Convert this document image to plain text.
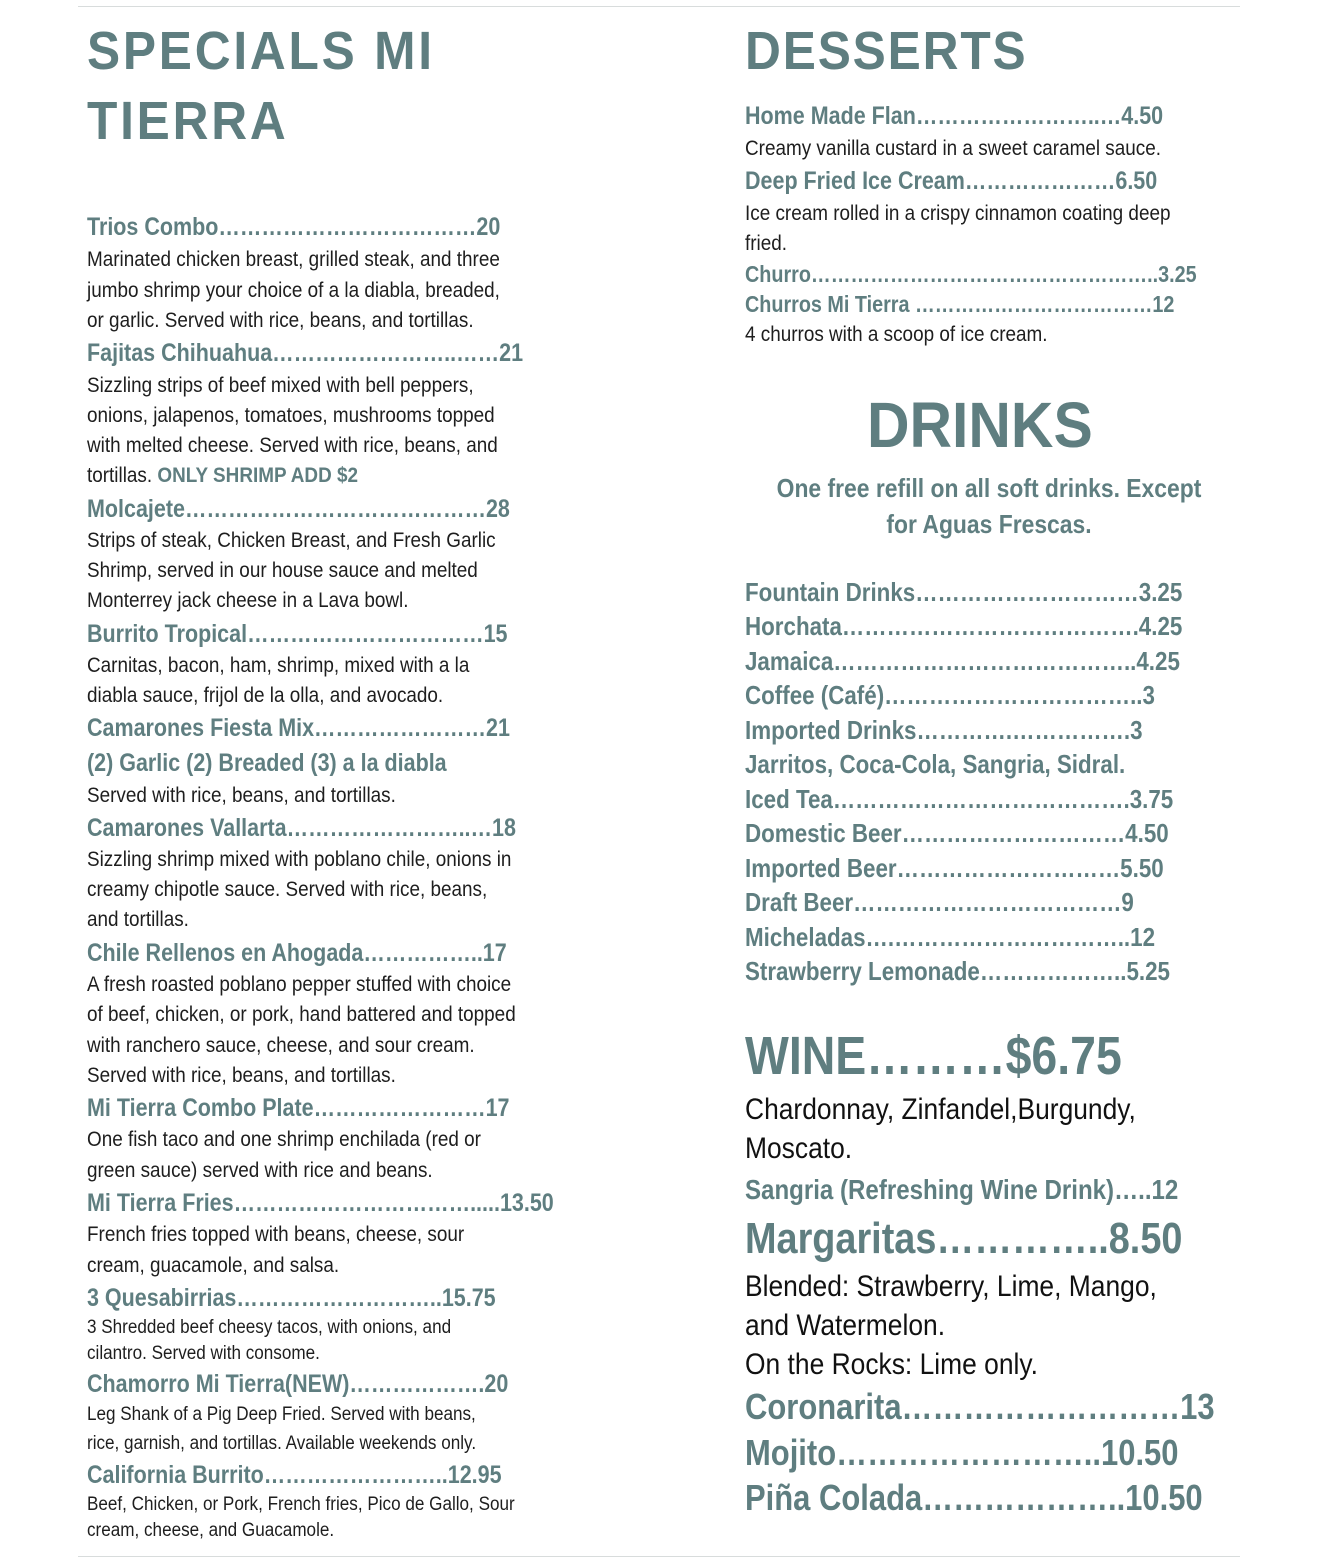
SPECIALS MI
TIERRA
Trios Combo………………………………20
Marinated chicken breast, grilled steak, and three
jumbo shrimp your choice of a la diabla, breaded,
or garlic. Served with rice, beans, and tortillas.
Fajitas Chihuahua……………………..……21
Sizzling strips of beef mixed with bell peppers,
onions, jalapenos, tomatoes, mushrooms topped
with melted cheese. Served with rice, beans, and
tortillas. ONLY SHRIMP ADD $2
Molcajete……………………………………28
Strips of steak, Chicken Breast, and Fresh Garlic
Shrimp, served in our house sauce and melted
Monterrey jack cheese in a Lava bowl.
Burrito Tropical……………………………15
Carnitas, bacon, ham, shrimp, mixed with a la
diabla sauce, frijol de la olla, and avocado.
Camarones Fiesta Mix……………………21
(2) Garlic (2) Breaded (3) a la diabla
Served with rice, beans, and tortillas.
Camarones Vallarta……………………..…18
Sizzling shrimp mixed with poblano chile, onions in
creamy chipotle sauce. Served with rice, beans,
and tortillas.
Chile Rellenos en Ahogada……………..17
A fresh roasted poblano pepper stuffed with choice
of beef, chicken, or pork, hand battered and topped
with ranchero sauce, cheese, and sour cream.
Served with rice, beans, and tortillas.
Mi Tierra Combo Plate……………………17
One fish taco and one shrimp enchilada (red or
green sauce) served with rice and beans.
Mi Tierra Fries…………………………….....13.50
French fries topped with beans, cheese, sour
cream, guacamole, and salsa.
3 Quesabirrias………………………..15.75
3 Shredded beef cheesy tacos, with onions, and
cilantro. Served with consome.
Chamorro Mi Tierra(NEW)……………….20
Leg Shank of a Pig Deep Fried. Served with beans,
rice, garnish, and tortillas. Available weekends only.
California Burrito……………………..12.95
Beef, Chicken, or Pork, French fries, Pico de Gallo, Sour
cream, cheese, and Guacamole.
DESSERTS
Home Made Flan……………………..…4.50
Creamy vanilla custard in a sweet caramel sauce.
Deep Fried Ice Cream…………………6.50
Ice cream rolled in a crispy cinnamon coating deep
fried.
Churro……………………………………………..3.25
Churros Mi Tierra ………………………………12
4 churros with a scoop of ice cream.
DRINKS
One free refill on all soft drinks. Except
for Aguas Frescas.
Fountain Drinks…………………………3.25
Horchata………………………………….4.25
Jamaica…………………………………..4.25
Coffee (Café)……………………………..3
Imported Drinks………….…………….3
Jarritos, Coca-Cola, Sangria, Sidral.
Iced Tea………………………………….3.75
Domestic Beer…………………………4.50
Imported Beer…………………………5.50
Draft Beer………………………………9
Micheladas….…………………………..12
Strawberry Lemonade………………..5.25
WINE………$6.75
Chardonnay, Zinfandel,Burgundy,
Moscato.
Sangria (Refreshing Wine Drink)…..12
Margaritas…………..8.50
Blended: Strawberry, Lime, Mango,
and Watermelon.
On the Rocks: Lime only.
Coronarita………………………13
Mojito……………………..10.50
Piña Colada………………..10.50
